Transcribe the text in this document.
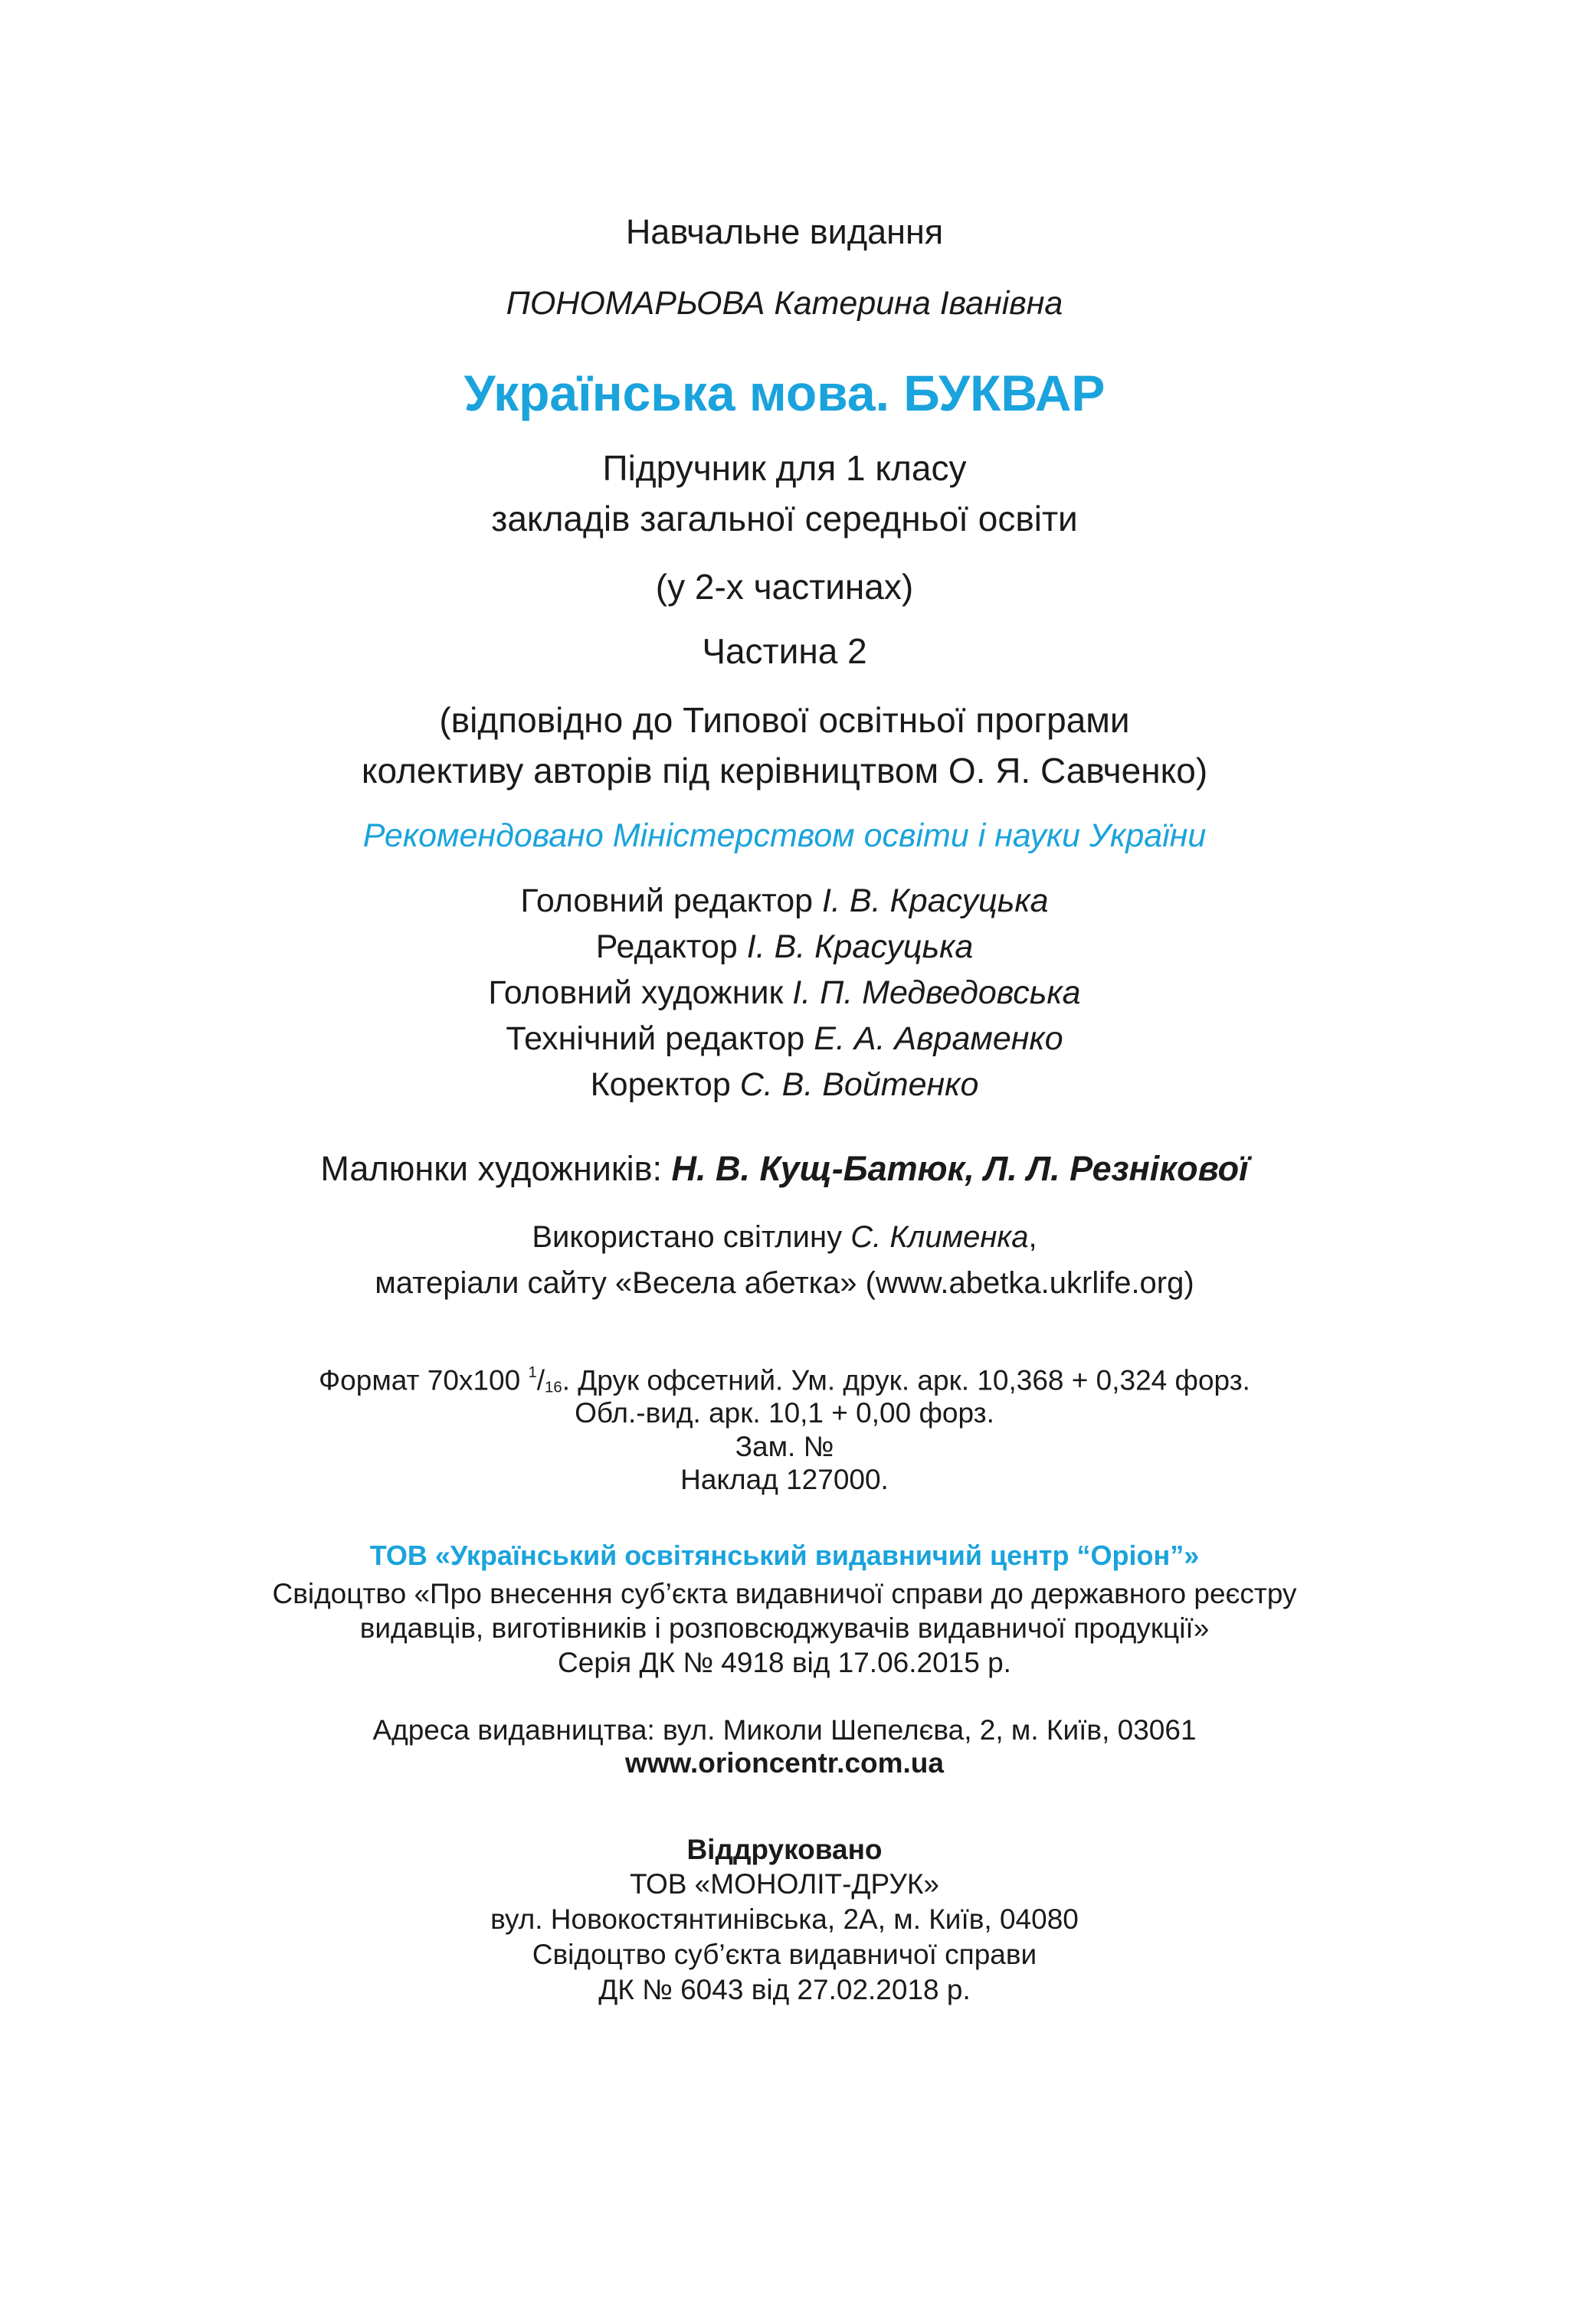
Навчальне видання
ПОНОМАРЬОВА Катерина Іванівна
Українська мова. БУКВАР
Підручник для 1 класу
закладів загальної середньої освіти
(у 2-х частинах)
Частина 2
(відповідно до Типової освітньої програми
колективу авторів під керівництвом О. Я. Савченко)
Рекомендовано Міністерством освіти і науки України
Головний редактор І. В. Красуцька
Редактор І. В. Красуцька
Головний художник І. П. Медведовська
Технічний редактор Е. А. Авраменко
Коректор С. В. Войтенко
Малюнки художників: Н. В. Кущ-Батюк, Л. Л. Резнікової
Використано світлину С. Клименка,
матеріали сайту «Весела абетка» (www.abetka.ukrlife.org)
Формат 70х100 $^1/_{16}$. Друк офсетний. Ум. друк. арк. 10,368 + 0,324 форз.
Обл.-вид. арк. 10,1 + 0,00 форз.
Зам. №
Наклад 127000.
ТОВ «Український освітянський видавничий центр “Оріон”»
Свідоцтво «Про внесення суб’єкта видавничої справи до державного реєстру
видавців, виготівників і розповсюджувачів видавничої продукції»
Серія ДК № 4918 від 17.06.2015 р.
Адреса видавництва: вул. Миколи Шепелєва, 2, м. Київ, 03061
www.orioncentr.com.ua
Віддруковано
ТОВ «МОНОЛІТ-ДРУК»
вул. Новокостянтинівська, 2А, м. Київ, 04080
Свідоцтво суб’єкта видавничої справи
ДК № 6043 від 27.02.2018 р.
